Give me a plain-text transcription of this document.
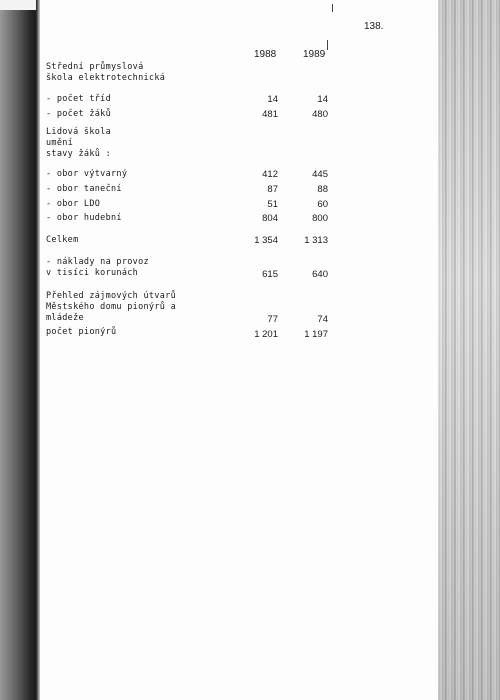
138.
1988	1989
Střední průmyslová
škola elektrotechnická
- počet tříd	14	14
- počet žáků	481	480
Lidová škola
umění
stavy žáků :
- obor výtvarný	412	445
- obor taneční	87	88
- obor LDO	51	60
- obor hudební	804	800
Celkem	1 354	1 313
- náklady na provoz
v tisíci korunách	615	640
Přehled zájmových útvarů
Městského domu pionýrů a
mládeže	77	74
počet pionýrů	1 201	1 197
